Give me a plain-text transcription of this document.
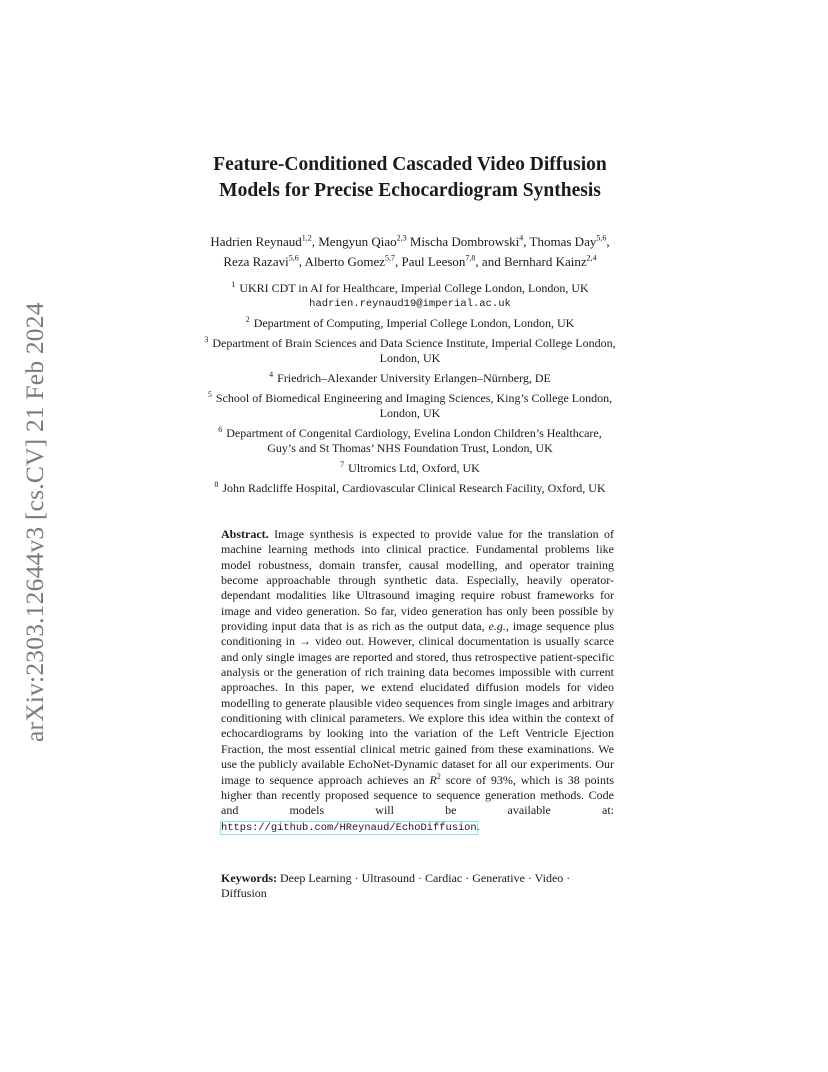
arXiv:2303.12644v3 [cs.CV] 21 Feb 2024
Feature-Conditioned Cascaded Video Diffusion
Models for Precise Echocardiogram Synthesis
Hadrien Reynaud$^{1,2}$, Mengyun Qiao$^{2,3}$ Mischa Dombrowski$^4$, Thomas Day$^{5,6}$,
Reza Razavi$^{5,6}$, Alberto Gomez$^{5,7}$, Paul Leeson$^{7,8}$, and Bernhard Kainz$^{2,4}$
$^1$ UKRI CDT in AI for Healthcare, Imperial College London, London, UK
hadrien.reynaud19@imperial.ac.uk
$^2$ Department of Computing, Imperial College London, London, UK
$^3$ Department of Brain Sciences and Data Science Institute, Imperial College London,
London, UK
$^4$ Friedrich–Alexander University Erlangen–Nürnberg, DE
$^5$ School of Biomedical Engineering and Imaging Sciences, King’s College London,
London, UK
$^6$ Department of Congenital Cardiology, Evelina London Children’s Healthcare,
Guy’s and St Thomas’ NHS Foundation Trust, London, UK
$^7$ Ultromics Ltd, Oxford, UK
$^8$ John Radcliffe Hospital, Cardiovascular Clinical Research Facility, Oxford, UK
Abstract. Image synthesis is expected to provide value for the translation of machine learning methods into clinical practice. Fundamental problems like model robustness, domain transfer, causal modelling, and operator training become approachable through synthetic data. Especially, heavily operator-dependant modalities like Ultrasound imaging require robust frameworks for image and video generation. So far, video generation has only been possible by providing input data that is as rich as the output data, e.g., image sequence plus conditioning in → video out. However, clinical documentation is usually scarce and only single images are reported and stored, thus retrospective patient-specific analysis or the generation of rich training data becomes impossible with current approaches. In this paper, we extend elucidated diffusion models for video modelling to generate plausible video sequences from single images and arbitrary conditioning with clinical parameters. We explore this idea within the context of echocardiograms by looking into the variation of the Left Ventricle Ejection Fraction, the most essential clinical metric gained from these examinations. We use the publicly available EchoNet-Dynamic dataset for all our experiments. Our image to sequence approach achieves an $R^2$ score of 93%, which is 38 points higher than recently proposed sequence to sequence generation methods. Code and models will be available at: https://github.com/HReynaud/EchoDiffusion.
Keywords: Deep Learning · Ultrasound · Cardiac · Generative · Video · Diffusion
